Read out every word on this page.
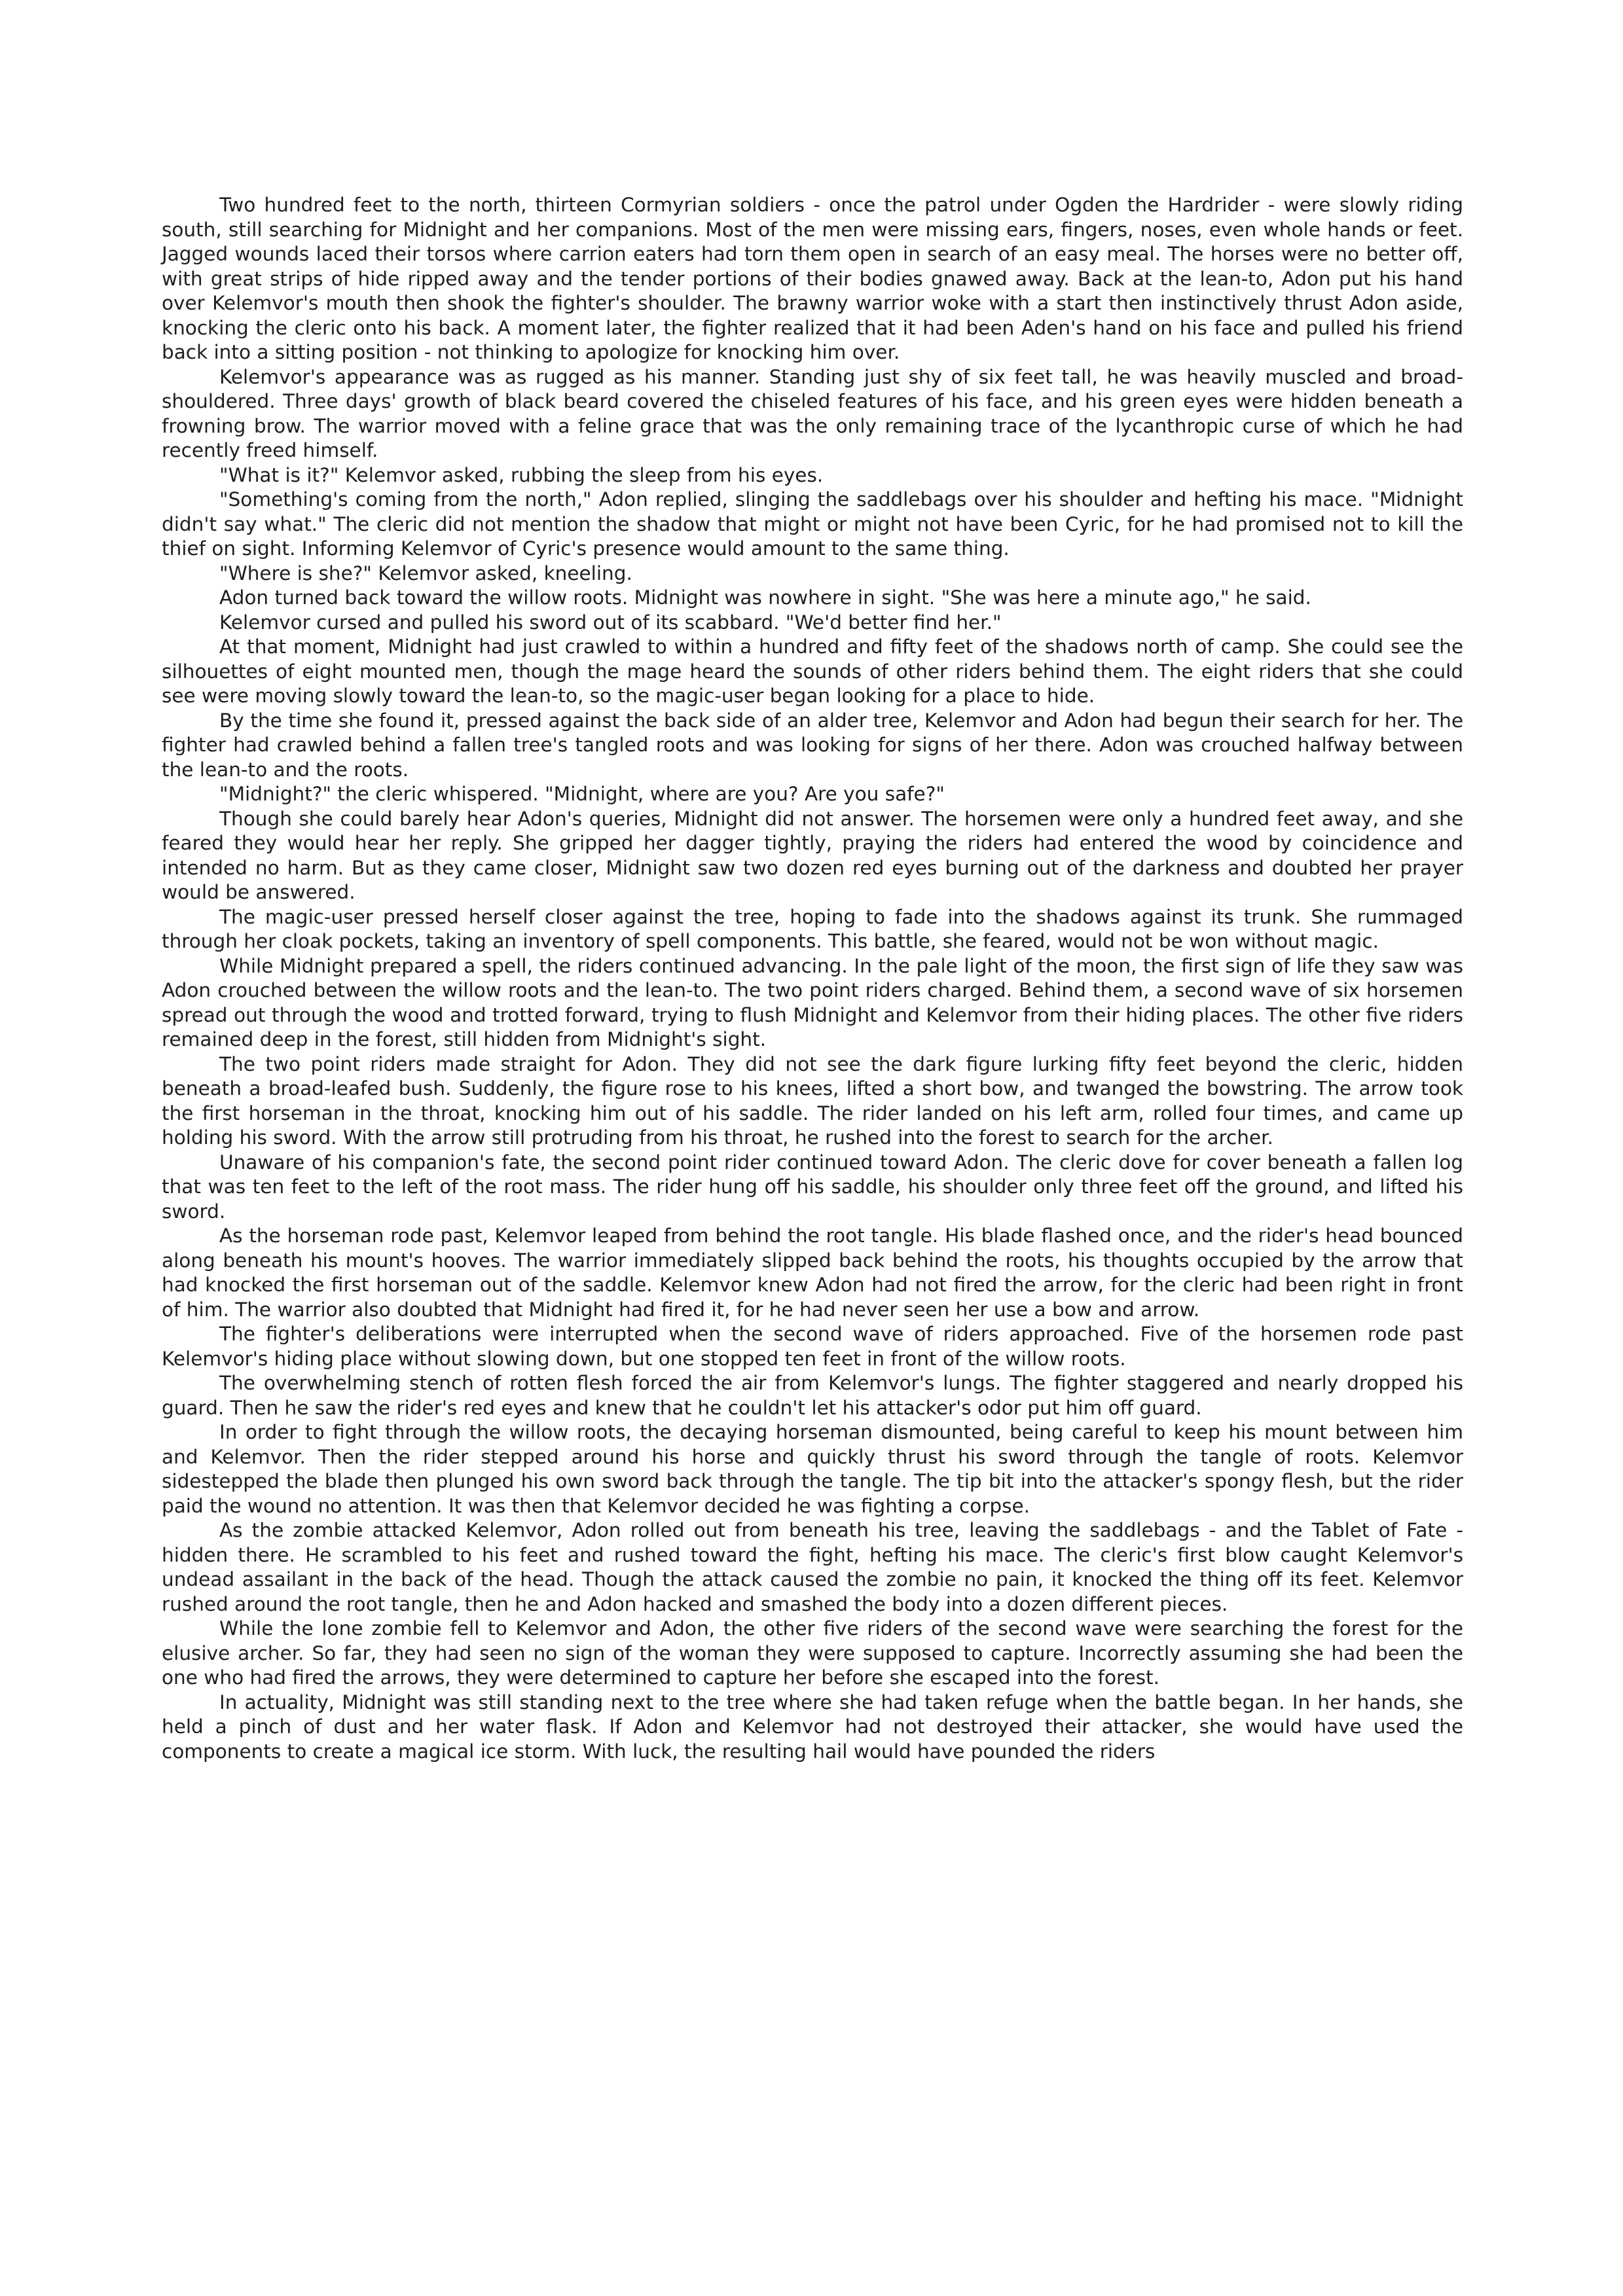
Two hundred feet to the north, thirteen Cormyrian soldiers - once the patrol under Ogden the Hardrider - were slowly riding south, still searching for Midnight and her companions. Most of the men were missing ears, fingers, noses, even whole hands or feet. Jagged wounds laced their torsos where carrion eaters had torn them open in search of an easy meal. The horses were no better off, with great strips of hide ripped away and the tender portions of their bodies gnawed away. Back at the lean-to, Adon put his hand over Kelemvor's mouth then shook the fighter's shoulder. The brawny warrior woke with a start then instinctively thrust Adon aside, knocking the cleric onto his back. A moment later, the fighter realized that it had been Aden's hand on his face and pulled his friend back into a sitting position - not thinking to apologize for knocking him over.

Kelemvor's appearance was as rugged as his manner. Standing just shy of six feet tall, he was heavily muscled and broad-shouldered. Three days' growth of black beard covered the chiseled features of his face, and his green eyes were hidden beneath a frowning brow. The warrior moved with a feline grace that was the only remaining trace of the lycanthropic curse of which he had recently freed himself.

"What is it?" Kelemvor asked, rubbing the sleep from his eyes.

"Something's coming from the north," Adon replied, slinging the saddlebags over his shoulder and hefting his mace. "Midnight didn't say what." The cleric did not mention the shadow that might or might not have been Cyric, for he had promised not to kill the thief on sight. Informing Kelemvor of Cyric's presence would amount to the same thing.

"Where is she?" Kelemvor asked, kneeling.

Adon turned back toward the willow roots. Midnight was nowhere in sight. "She was here a minute ago," he said.

Kelemvor cursed and pulled his sword out of its scabbard. "We'd better find her."

At that moment, Midnight had just crawled to within a hundred and fifty feet of the shadows north of camp. She could see the silhouettes of eight mounted men, though the mage heard the sounds of other riders behind them. The eight riders that she could see were moving slowly toward the lean-to, so the magic-user began looking for a place to hide.

By the time she found it, pressed against the back side of an alder tree, Kelemvor and Adon had begun their search for her. The fighter had crawled behind a fallen tree's tangled roots and was looking for signs of her there. Adon was crouched halfway between the lean-to and the roots.

"Midnight?" the cleric whispered. "Midnight, where are you? Are you safe?"

Though she could barely hear Adon's queries, Midnight did not answer. The horsemen were only a hundred feet away, and she feared they would hear her reply. She gripped her dagger tightly, praying the riders had entered the wood by coincidence and intended no harm. But as they came closer, Midnight saw two dozen red eyes burning out of the darkness and doubted her prayer would be answered.

The magic-user pressed herself closer against the tree, hoping to fade into the shadows against its trunk. She rummaged through her cloak pockets, taking an inventory of spell components. This battle, she feared, would not be won without magic.

While Midnight prepared a spell, the riders continued advancing. In the pale light of the moon, the first sign of life they saw was Adon crouched between the willow roots and the lean-to. The two point riders charged. Behind them, a second wave of six horsemen spread out through the wood and trotted forward, trying to flush Midnight and Kelemvor from their hiding places. The other five riders remained deep in the forest, still hidden from Midnight's sight.

The two point riders made straight for Adon. They did not see the dark figure lurking fifty feet beyond the cleric, hidden beneath a broad-leafed bush. Suddenly, the figure rose to his knees, lifted a short bow, and twanged the bowstring. The arrow took the first horseman in the throat, knocking him out of his saddle. The rider landed on his left arm, rolled four times, and came up holding his sword. With the arrow still protruding from his throat, he rushed into the forest to search for the archer.

Unaware of his companion's fate, the second point rider continued toward Adon. The cleric dove for cover beneath a fallen log that was ten feet to the left of the root mass. The rider hung off his saddle, his shoulder only three feet off the ground, and lifted his sword.

As the horseman rode past, Kelemvor leaped from behind the root tangle. His blade flashed once, and the rider's head bounced along beneath his mount's hooves. The warrior immediately slipped back behind the roots, his thoughts occupied by the arrow that had knocked the first horseman out of the saddle. Kelemvor knew Adon had not fired the arrow, for the cleric had been right in front of him. The warrior also doubted that Midnight had fired it, for he had never seen her use a bow and arrow.

The fighter's deliberations were interrupted when the second wave of riders approached. Five of the horsemen rode past Kelemvor's hiding place without slowing down, but one stopped ten feet in front of the willow roots.

The overwhelming stench of rotten flesh forced the air from Kelemvor's lungs. The fighter staggered and nearly dropped his guard. Then he saw the rider's red eyes and knew that he couldn't let his attacker's odor put him off guard.

In order to fight through the willow roots, the decaying horseman dismounted, being careful to keep his mount between him and Kelemvor. Then the rider stepped around his horse and quickly thrust his sword through the tangle of roots. Kelemvor sidestepped the blade then plunged his own sword back through the tangle. The tip bit into the attacker's spongy flesh, but the rider paid the wound no attention. It was then that Kelemvor decided he was fighting a corpse.

As the zombie attacked Kelemvor, Adon rolled out from beneath his tree, leaving the saddlebags - and the Tablet of Fate - hidden there. He scrambled to his feet and rushed toward the fight, hefting his mace. The cleric's first blow caught Kelemvor's undead assailant in the back of the head. Though the attack caused the zombie no pain, it knocked the thing off its feet. Kelemvor rushed around the root tangle, then he and Adon hacked and smashed the body into a dozen different pieces.

While the lone zombie fell to Kelemvor and Adon, the other five riders of the second wave were searching the forest for the elusive archer. So far, they had seen no sign of the woman they were supposed to capture. Incorrectly assuming she had been the one who had fired the arrows, they were determined to capture her before she escaped into the forest.

In actuality, Midnight was still standing next to the tree where she had taken refuge when the battle began. In her hands, she held a pinch of dust and her water flask. If Adon and Kelemvor had not destroyed their attacker, she would have used the components to create a magical ice storm. With luck, the resulting hail would have pounded the riders
